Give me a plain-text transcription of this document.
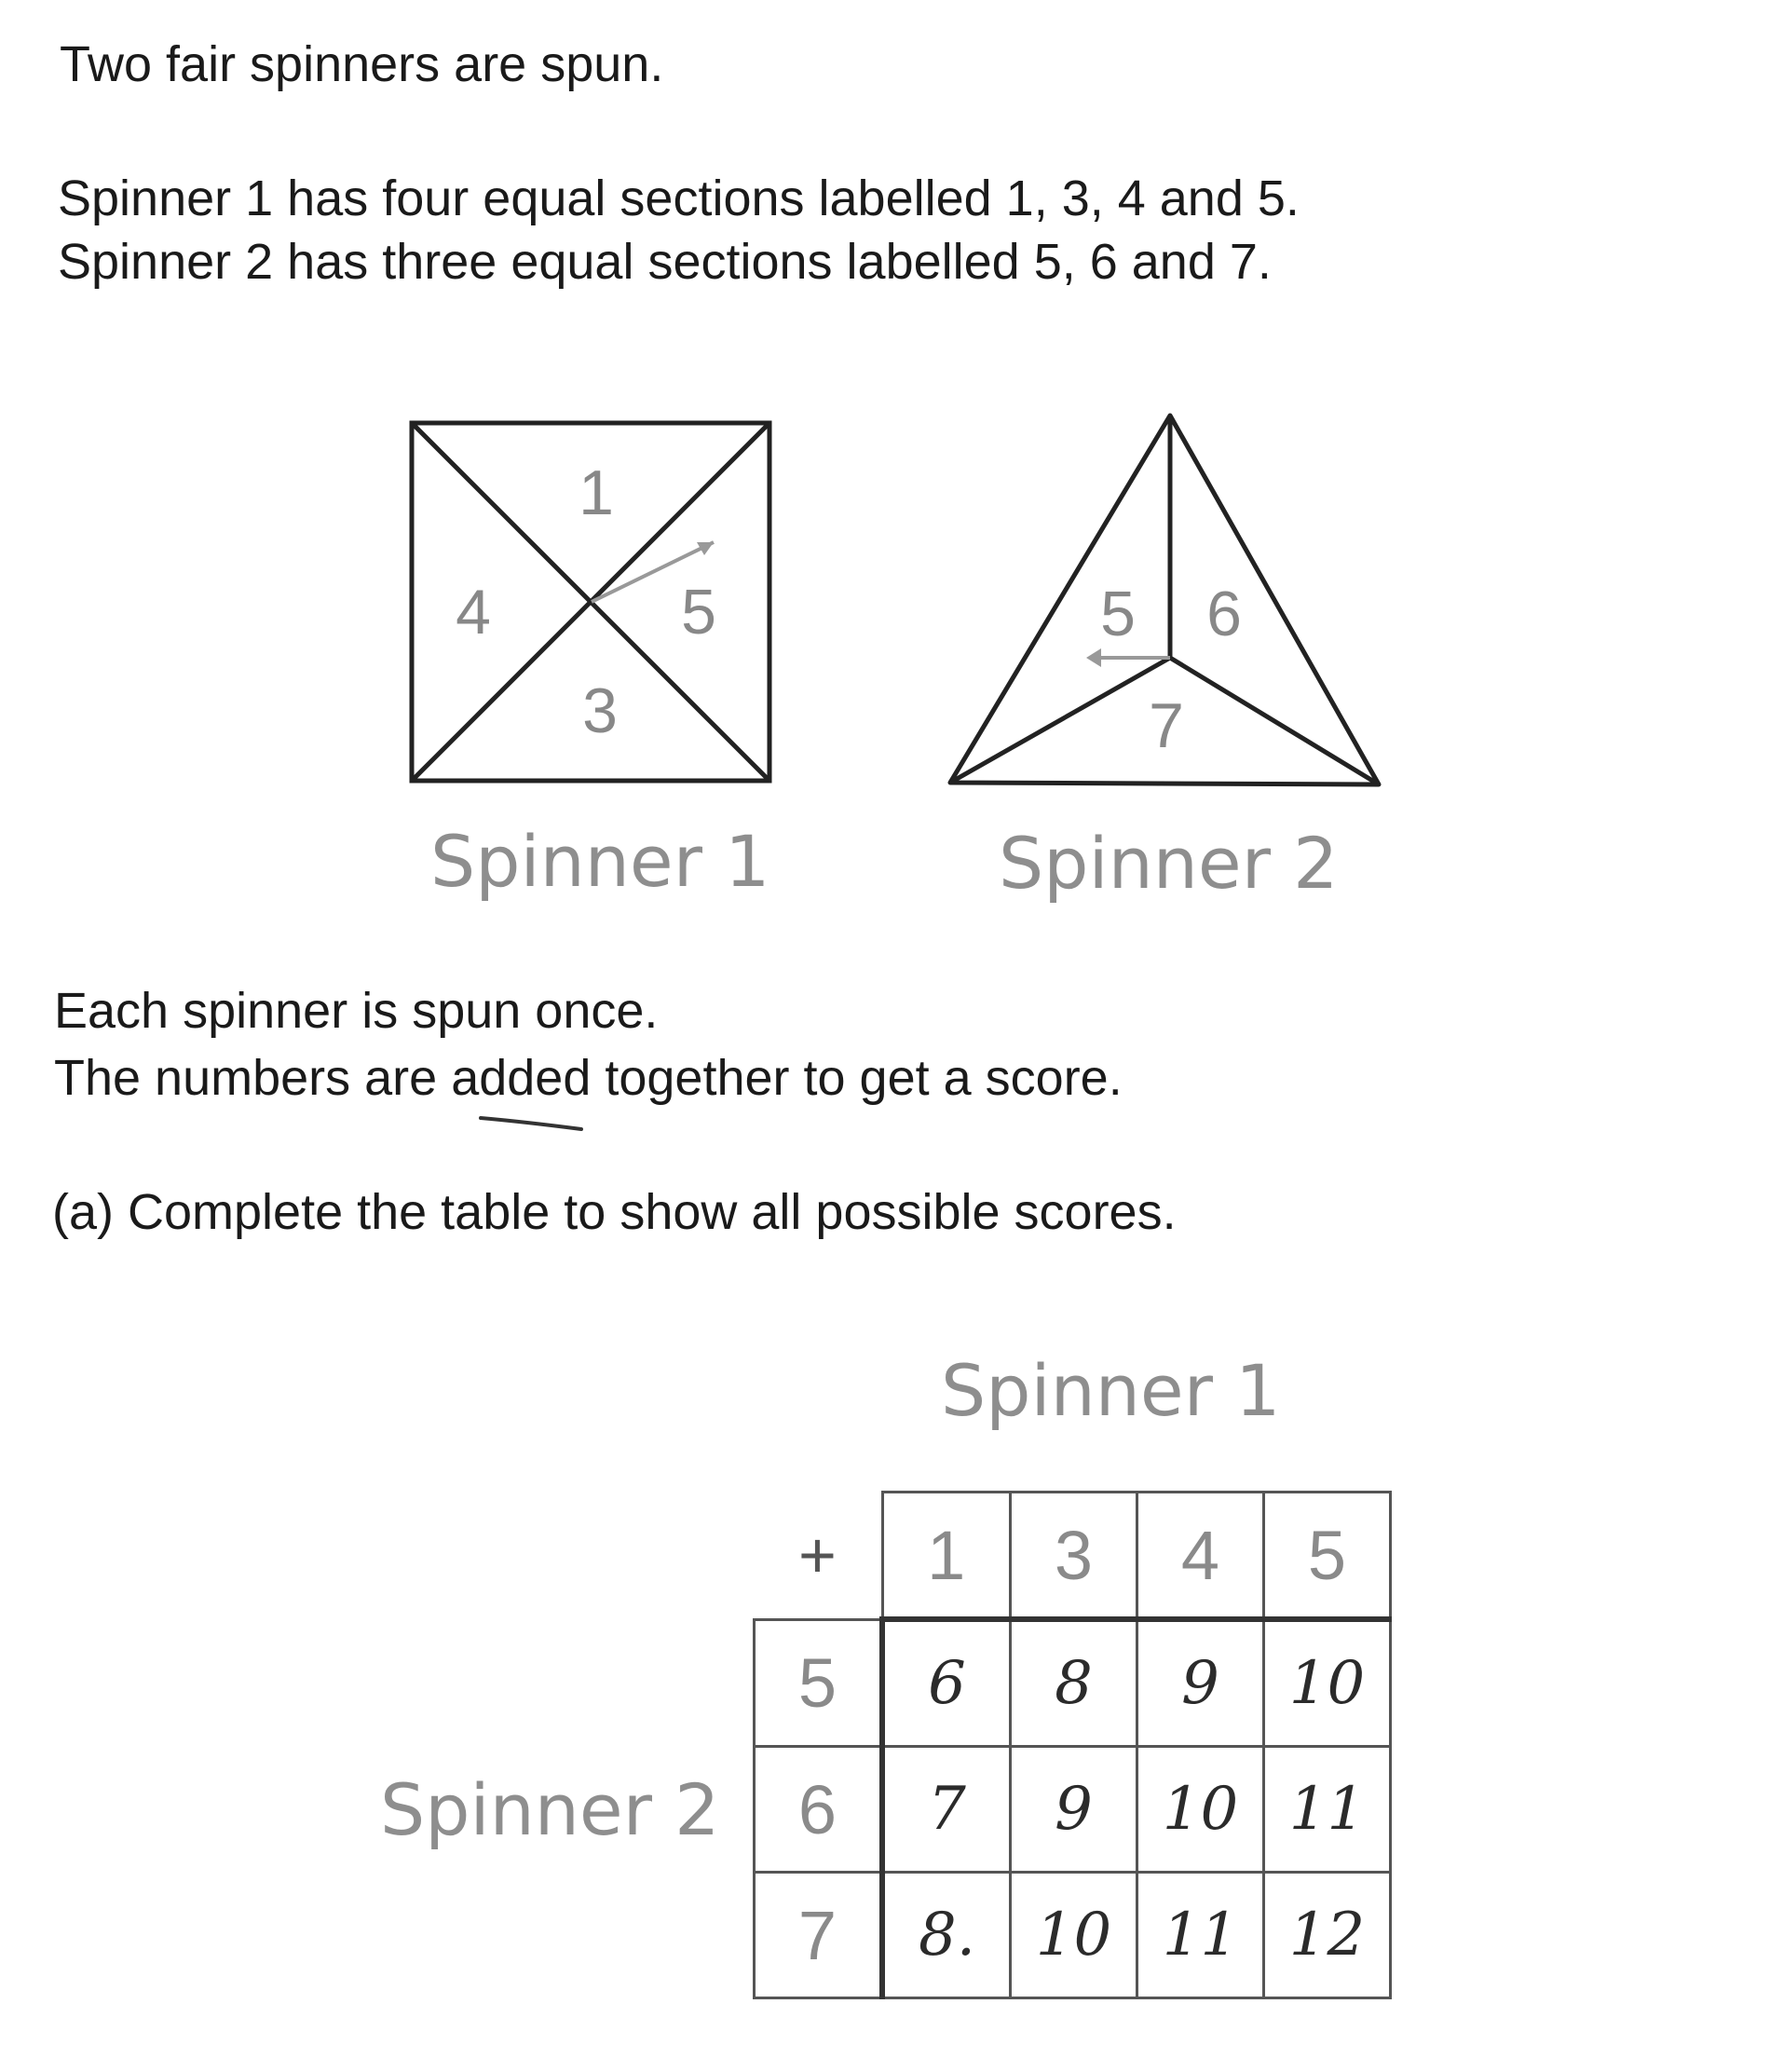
Two fair spinners are spun.
Spinner 1 has four equal sections labelled 1, 3, 4 and 5.
Spinner 2 has three equal sections labelled 5, 6 and 7.
1
4	5
3
Spinner 1
5 6
7
Spinner 2
Each spinner is spun once.
The numbers are added together to get a score.
(a) Complete the table to show all possible scores.
Spinner 1
Spinner 2
+	1	3	4	5
5	6	8	9	10
6	7	9	10	11
7	8.	10	11	12
